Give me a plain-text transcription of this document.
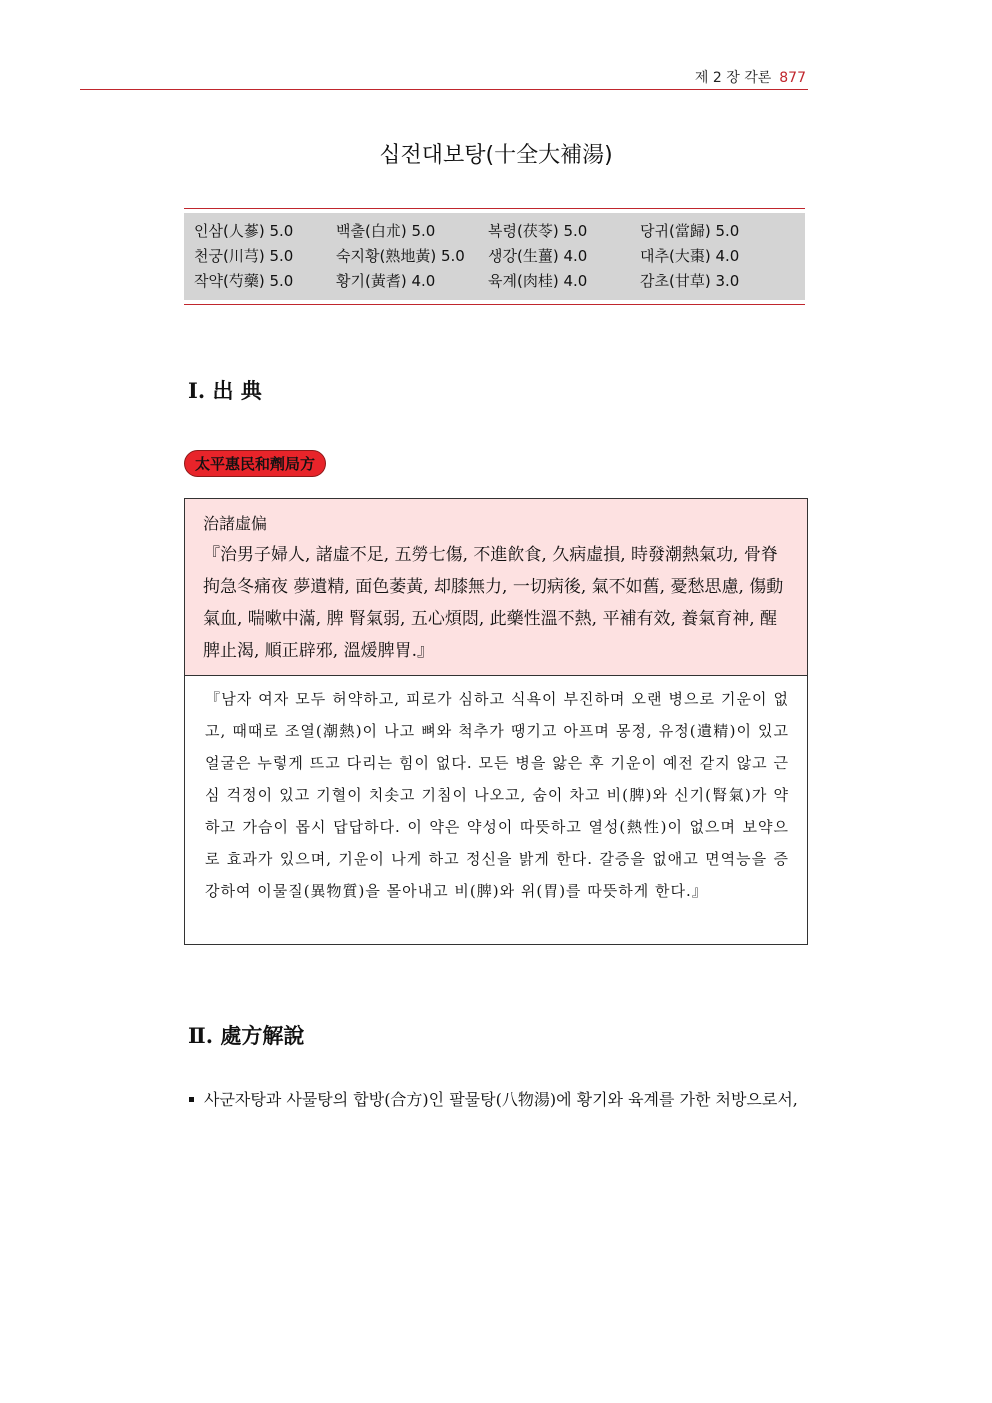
제 2 장 각론 877
십전대보탕(十全大補湯)
인삼(人蔘) 5.0	백출(白朮) 5.0	복령(茯苓) 5.0	당귀(當歸) 5.0
천궁(川芎) 5.0	숙지황(熟地黃) 5.0	생강(生薑) 4.0	대추(大棗) 4.0
작약(芍藥) 5.0	황기(黃耆) 4.0	육계(肉桂) 4.0	감초(甘草) 3.0
Ⅰ. 出 典
太平惠民和劑局方
治諸虛偏
『治男子婦人, 諸虛不足, 五勞七傷, 不進飮食, 久病虛損, 時發潮熱氣功, 骨脊拘急冬痛夜 夢遺精, 面色萎黃, 却膝無力, 一切病後, 氣不如舊, 憂愁思慮, 傷動氣血, 喘嗽中滿, 脾 腎氣弱, 五心煩悶, 此藥性溫不熱, 平補有效, 養氣育神, 醒脾止渴, 順正辟邪, 溫煖脾胃.』
『남자 여자 모두 허약하고, 피로가 심하고 식욕이 부진하며 오랜 병으로 기운이 없고, 때때로 조열(潮熱)이 나고 뼈와 척추가 땡기고 아프며 몽정, 유정(遺精)이 있고 얼굴은 누렇게 뜨고 다리는 힘이 없다. 모든 병을 앓은 후 기운이 예전 같지 않고 근심 걱정이 있고 기혈이 치솟고 기침이 나오고, 숨이 차고 비(脾)와 신기(腎氣)가 약하고 가슴이 몹시 답답하다. 이 약은 약성이 따뜻하고 열성(熱性)이 없으며 보약으로 효과가 있으며, 기운이 나게 하고 정신을 밝게 한다. 갈증을 없애고 면역능을 증강하여 이물질(異物質)을 몰아내고 비(脾)와 위(胃)를 따뜻하게 한다.』
Ⅱ. 處方解說
사군자탕과 사물탕의 합방(合方)인 팔물탕(八物湯)에 황기와 육계를 가한 처방으로서,
